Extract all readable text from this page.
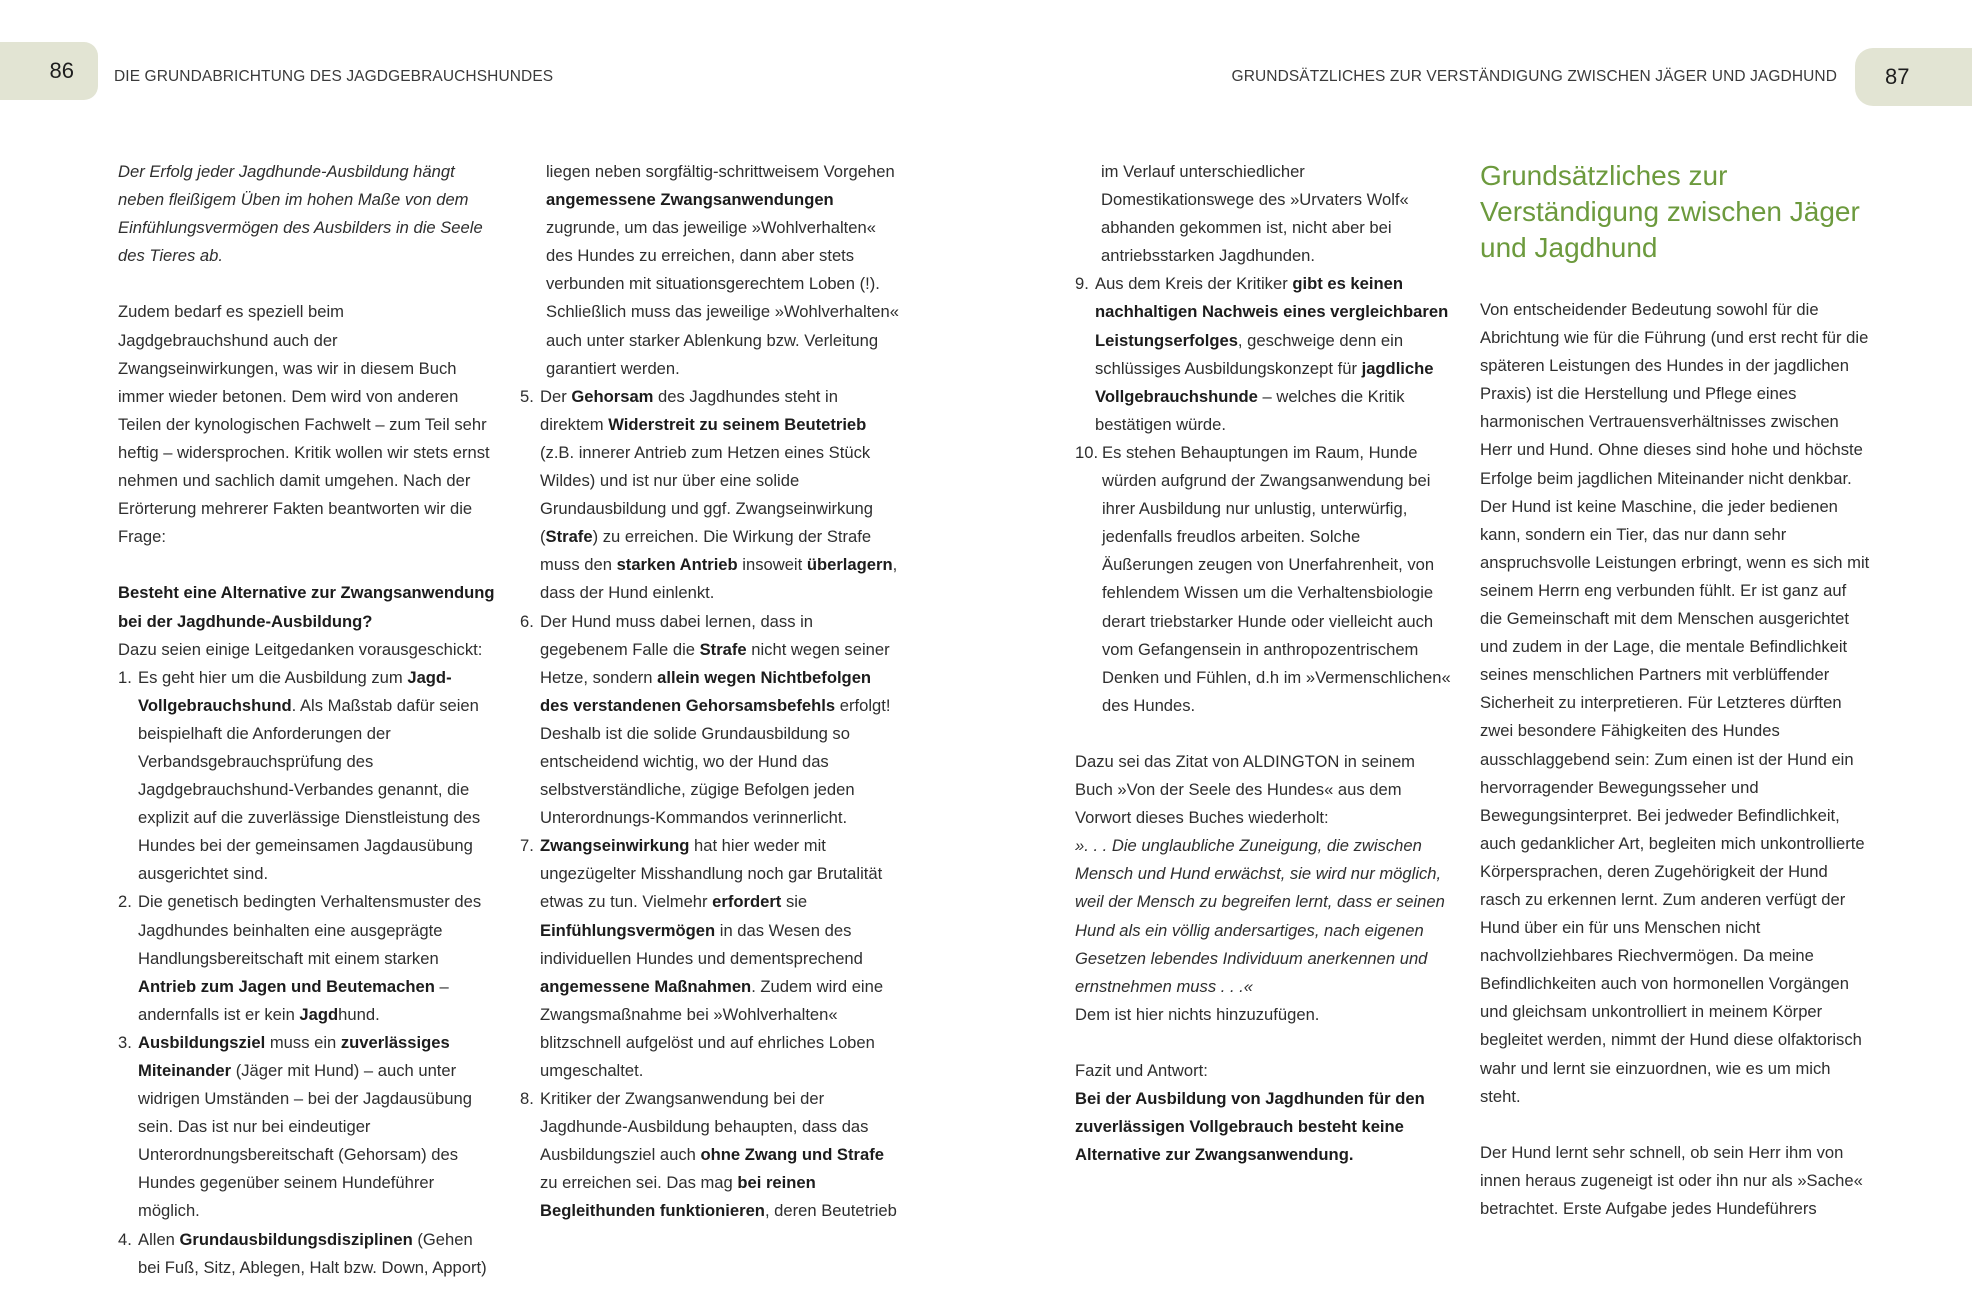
86	DIE GRUNDABRICHTUNG DES JAGDGEBRAUCHSHUNDES	GRUNDSÄTZLICHES ZUR VERSTÄNDIGUNG ZWISCHEN JÄGER UND JAGDHUND 87

Der Erfolg jeder Jagdhunde-Ausbildung hängt neben fleißigem Üben im hohen Maße von dem Einfühlungsvermögen des Ausbilders in die Seele des Tieres ab.

Zudem bedarf es speziell beim Jagdgebrauchshund auch der Zwangseinwirkungen, was wir in diesem Buch immer wieder betonen. Dem wird von anderen Teilen der kynologischen Fachwelt – zum Teil sehr heftig – widersprochen. Kritik wollen wir stets ernst nehmen und sachlich damit umgehen. Nach der Erörterung mehrerer Fakten beantworten wir die Frage:

Besteht eine Alternative zur Zwangsanwendung bei der Jagdhunde-Ausbildung?

Dazu seien einige Leitgedanken vorausgeschickt:

1. Es geht hier um die Ausbildung zum Jagd-Vollgebrauchshund. Als Maßstab dafür seien beispielhaft die Anforderungen der Verbandsgebrauchsprüfung des Jagdgebrauchshund-Verbandes genannt, die explizit auf die zuverlässige Dienstleistung des Hundes bei der gemeinsamen Jagdausübung ausgerichtet sind.
2. Die genetisch bedingten Verhaltensmuster des Jagdhundes beinhalten eine ausgeprägte Handlungsbereitschaft mit einem starken Antrieb zum Jagen und Beutemachen – andernfalls ist er kein Jagdhund.
3. Ausbildungsziel muss ein zuverlässiges Miteinander (Jäger mit Hund) – auch unter widrigen Umständen – bei der Jagdausübung sein. Das ist nur bei eindeutiger Unterordnungsbereitschaft (Gehorsam) des Hundes gegenüber seinem Hundeführer möglich.
4. Allen Grundausbildungsdisziplinen (Gehen bei Fuß, Sitz, Ablegen, Halt bzw. Down, Apport)

liegen neben sorgfältig-schrittweisem Vorgehen angemessene Zwangsanwendungen zugrunde, um das jeweilige »Wohlverhalten« des Hundes zu erreichen, dann aber stets verbunden mit situationsgerechtem Loben (!). Schließlich muss das jeweilige »Wohlverhalten« auch unter starker Ablenkung bzw. Verleitung garantiert werden.

5. Der Gehorsam des Jagdhundes steht in direktem Widerstreit zu seinem Beutetrieb (z.B. innerer Antrieb zum Hetzen eines Stück Wildes) und ist nur über eine solide Grundausbildung und ggf. Zwangseinwirkung (Strafe) zu erreichen. Die Wirkung der Strafe muss den starken Antrieb insoweit überlagern, dass der Hund einlenkt.
6. Der Hund muss dabei lernen, dass in gegebenem Falle die Strafe nicht wegen seiner Hetze, sondern allein wegen Nichtbefolgen des verstandenen Gehorsamsbefehls erfolgt! Deshalb ist die solide Grundausbildung so entscheidend wichtig, wo der Hund das selbstverständliche, zügige Befolgen jeden Unterordnungs-Kommandos verinnerlicht.
7. Zwangseinwirkung hat hier weder mit ungezügelter Misshandlung noch gar Brutalität etwas zu tun. Vielmehr erfordert sie Einfühlungsvermögen in das Wesen des individuellen Hundes und dementsprechend angemessene Maßnahmen. Zudem wird eine Zwangsmaßnahme bei »Wohlverhalten« blitzschnell aufgelöst und auf ehrliches Loben umgeschaltet.
8. Kritiker der Zwangsanwendung bei der Jagdhunde-Ausbildung behaupten, dass das Ausbildungsziel auch ohne Zwang und Strafe zu erreichen sei. Das mag bei reinen Begleithunden funktionieren, deren Beutetrieb

im Verlauf unterschiedlicher Domestikationswege des »Urvaters Wolf« abhanden gekommen ist, nicht aber bei antriebsstarken Jagdhunden.

9. Aus dem Kreis der Kritiker gibt es keinen nachhaltigen Nachweis eines vergleichbaren Leistungserfolges, geschweige denn ein schlüssiges Ausbildungskonzept für jagdliche Vollgebrauchshunde – welches die Kritik bestätigen würde.
10. Es stehen Behauptungen im Raum, Hunde würden aufgrund der Zwangsanwendung bei ihrer Ausbildung nur unlustig, unterwürfig, jedenfalls freudlos arbeiten. Solche Äußerungen zeugen von Unerfahrenheit, von fehlendem Wissen um die Verhaltensbiologie derart triebstarker Hunde oder vielleicht auch vom Gefangensein in anthropozentrischem Denken und Fühlen, d.h im »Vermenschlichen« des Hundes.

Dazu sei das Zitat von ALDINGTON in seinem Buch »Von der Seele des Hundes« aus dem Vorwort dieses Buches wiederholt:

». . . Die unglaubliche Zuneigung, die zwischen Mensch und Hund erwächst, sie wird nur möglich, weil der Mensch zu begreifen lernt, dass er seinen Hund als ein völlig andersartiges, nach eigenen Gesetzen lebendes Individuum anerkennen und ernstnehmen muss . . .«

Dem ist hier nichts hinzuzufügen.

Fazit und Antwort:

Bei der Ausbildung von Jagdhunden für den zuverlässigen Vollgebrauch besteht keine Alternative zur Zwangsanwendung.

Grundsätzliches zur Verständigung zwischen Jäger und Jagdhund

Von entscheidender Bedeutung sowohl für die Abrichtung wie für die Führung (und erst recht für die späteren Leistungen des Hundes in der jagdlichen Praxis) ist die Herstellung und Pflege eines harmonischen Vertrauensverhältnisses zwischen Herr und Hund. Ohne dieses sind hohe und höchste Erfolge beim jagdlichen Miteinander nicht denkbar. Der Hund ist keine Maschine, die jeder bedienen kann, sondern ein Tier, das nur dann sehr anspruchsvolle Leistungen erbringt, wenn es sich mit seinem Herrn eng verbunden fühlt. Er ist ganz auf die Gemeinschaft mit dem Menschen ausgerichtet und zudem in der Lage, die mentale Befindlichkeit seines menschlichen Partners mit verblüffender Sicherheit zu interpretieren. Für Letzteres dürften zwei besondere Fähigkeiten des Hundes ausschlaggebend sein: Zum einen ist der Hund ein hervorragender Bewegungsseher und Bewegungsinterpret. Bei jedweder Befindlichkeit, auch gedanklicher Art, begleiten mich unkontrollierte Körpersprachen, deren Zugehörigkeit der Hund rasch zu erkennen lernt. Zum anderen verfügt der Hund über ein für uns Menschen nicht nachvollziehbares Riechvermögen. Da meine Befindlichkeiten auch von hormonellen Vorgängen und gleichsam unkontrolliert in meinem Körper begleitet werden, nimmt der Hund diese olfaktorisch wahr und lernt sie einzuordnen, wie es um mich steht.

Der Hund lernt sehr schnell, ob sein Herr ihm von innen heraus zugeneigt ist oder ihn nur als »Sache« betrachtet. Erste Aufgabe jedes Hundeführers
